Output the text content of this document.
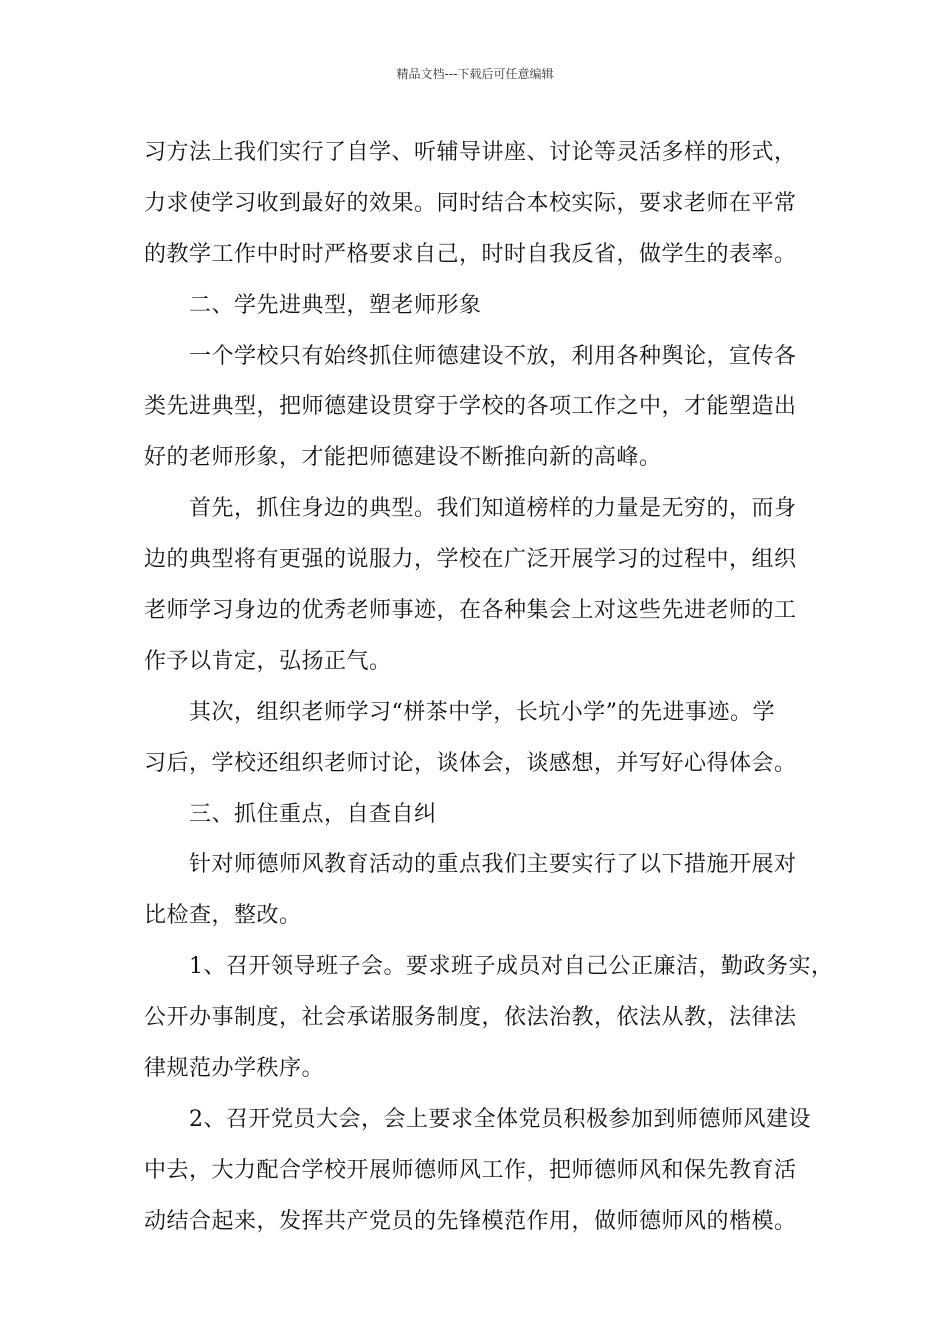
精品文档---下载后可任意编辑
习方法上我们实行了自学、听辅导讲座、讨论等灵活多样的形式，
力求使学习收到最好的效果。同时结合本校实际，要求老师在平常
的教学工作中时时严格要求自己，时时自我反省，做学生的表率。
二、学先进典型，塑老师形象
一个学校只有始终抓住师德建设不放，利用各种舆论，宣传各
类先进典型，把师德建设贯穿于学校的各项工作之中，才能塑造出
好的老师形象，才能把师德建设不断推向新的高峰。
首先，抓住身边的典型。我们知道榜样的力量是无穷的，而身
边的典型将有更强的说服力，学校在广泛开展学习的过程中，组织
老师学习身边的优秀老师事迹，在各种集会上对这些先进老师的工
作予以肯定，弘扬正气。
其次，组织老师学习“栟茶中学，长坑小学”的先进事迹。学
习后，学校还组织老师讨论，谈体会，谈感想，并写好心得体会。
三、抓住重点，自查自纠
针对师德师风教育活动的重点我们主要实行了以下措施开展对
比检查，整改。
1、召开领导班子会。要求班子成员对自己公正廉洁，勤政务实，
公开办事制度，社会承诺服务制度，依法治教，依法从教，法律法
律规范办学秩序。
2、召开党员大会，会上要求全体党员积极参加到师德师风建设
中去，大力配合学校开展师德师风工作，把师德师风和保先教育活
动结合起来，发挥共产党员的先锋模范作用，做师德师风的楷模。
